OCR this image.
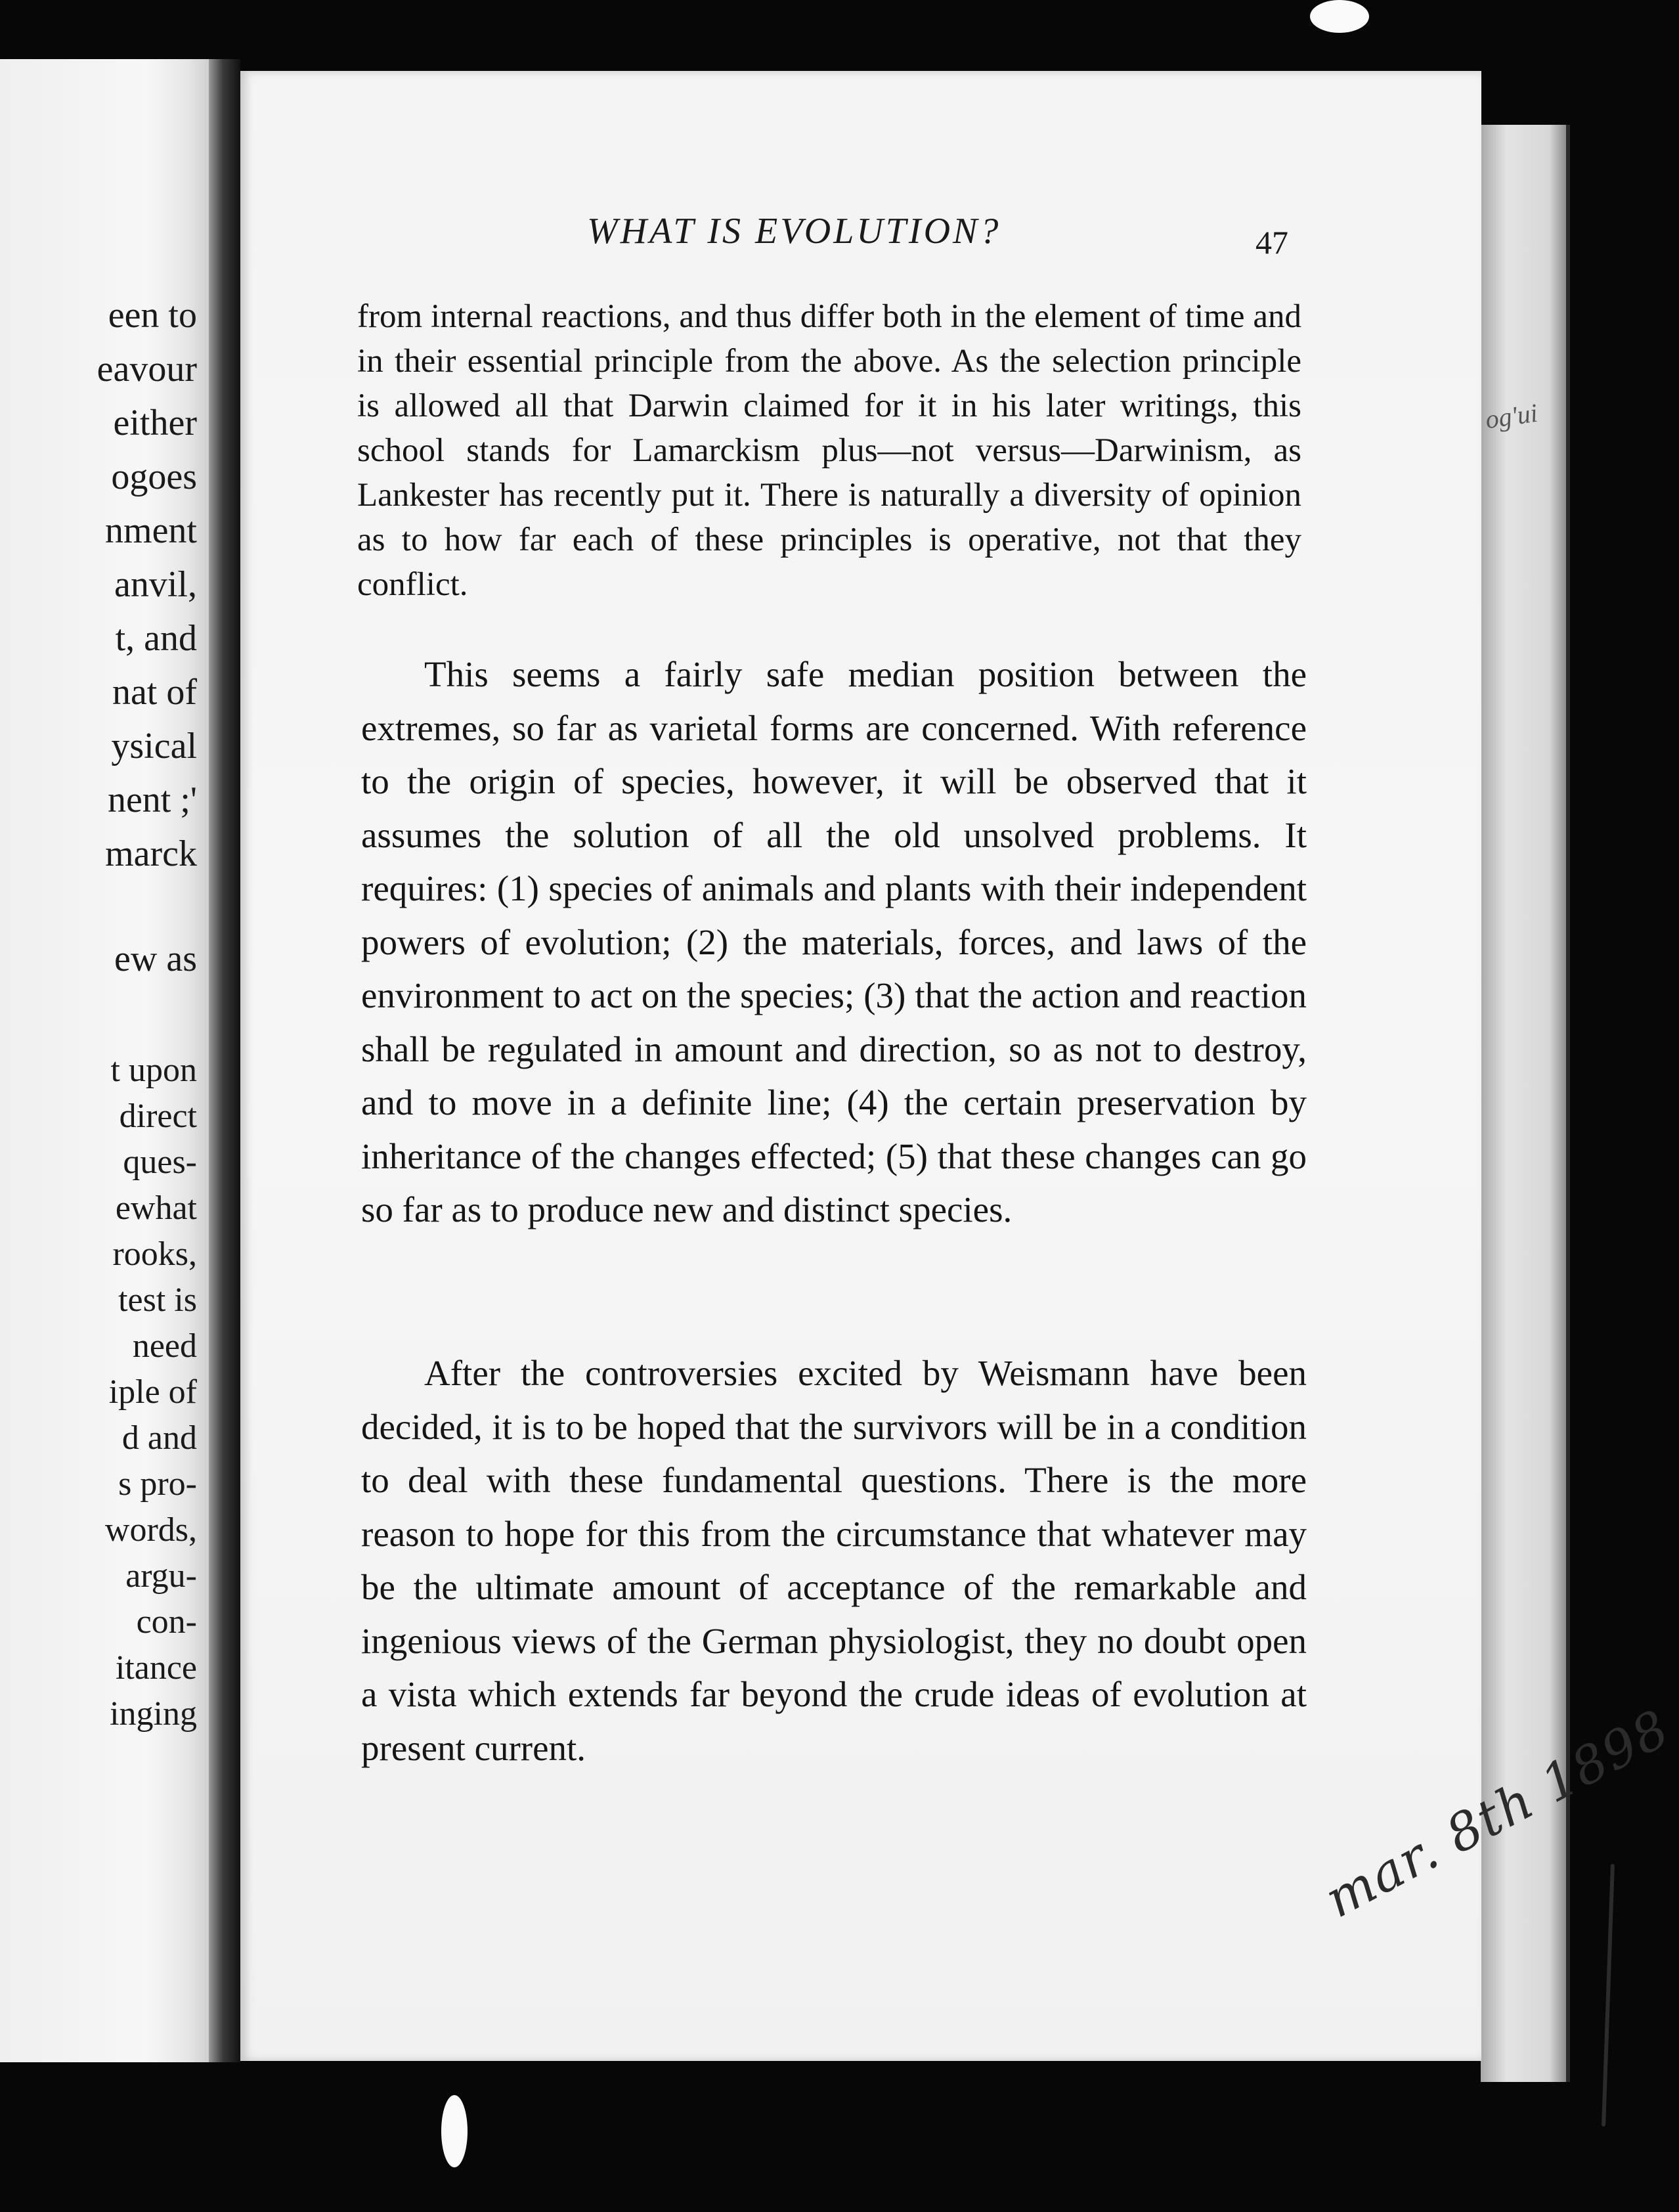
een to
eavour
either
ogoes
nment
anvil,
t, and
nat of
ysical
nent ;'
marck
ew as
t upon
direct
ques-
ewhat
rooks,
test is
need
iple of
d and
s pro-
words,
argu-
con-
itance
inging
og'ui
WHAT IS EVOLUTION?	47

from internal reactions, and thus differ both in the element of time and in their essential principle from the above. As the selection principle is allowed all that Darwin claimed for it in his later writings, this school stands for Lamarckism plus—not versus—Darwinism, as Lankester has recently put it. There is naturally a diversity of opinion as to how far each of these principles is operative, not that they conflict.

This seems a fairly safe median position between the extremes, so far as varietal forms are concerned. With reference to the origin of species, however, it will be observed that it assumes the solution of all the old unsolved problems. It requires: (1) species of animals and plants with their independent powers of evolution; (2) the materials, forces, and laws of the environment to act on the species; (3) that the action and reaction shall be regulated in amount and direction, so as not to destroy, and to move in a definite line; (4) the certain preservation by inheritance of the changes effected; (5) that these changes can go so far as to produce new and distinct species.

After the controversies excited by Weismann have been decided, it is to be hoped that the survivors will be in a condition to deal with these fundamental questions. There is the more reason to hope for this from the circumstance that whatever may be the ultimate amount of acceptance of the remarkable and ingenious views of the German physiologist, they no doubt open a vista which extends far beyond the crude ideas of evolution at present current.	mar. 8th 1898
